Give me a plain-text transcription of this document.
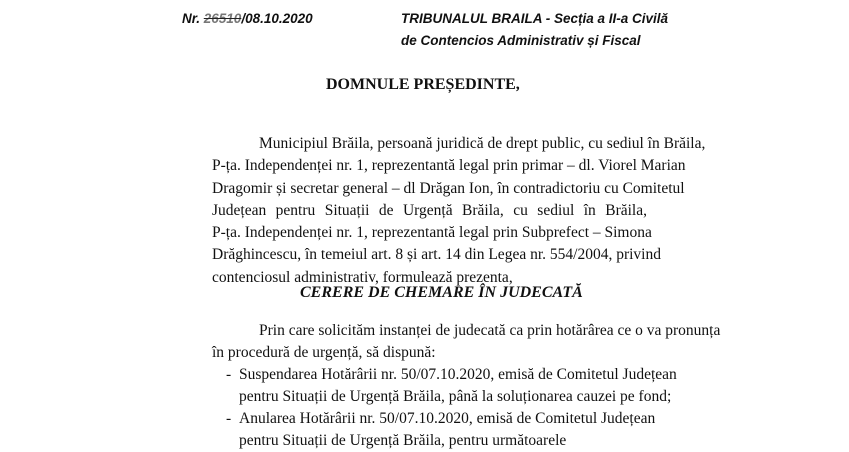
Nr. 26510/08.10.2020	TRIBUNALUL BRAILA - Secția a II-a Civilă
de Contencios Administrativ și Fiscal
DOMNULE PREȘEDINTE,
Municipiul Brăila, persoană juridică de drept public, cu sediul în Brăila,
P-ța. Independenței nr. 1, reprezentantă legal prin primar – dl. Viorel Marian
Dragomir și secretar general – dl Drăgan Ion, în contradictoriu cu Comitetul
Județean pentru Situații de Urgență Brăila, cu sediul în Brăila,
P-ța. Independenței nr. 1, reprezentantă legal prin Subprefect – Simona
Drăghincescu, în temeiul art. 8 și art. 14 din Legea nr. 554/2004, privind
contenciosul administrativ, formulează prezenta,
CERERE DE CHEMARE ÎN JUDECATĂ
Prin care solicităm instanței de judecată ca prin hotărârea ce o va pronunța
în procedură de urgență, să dispună:
- Suspendarea Hotărârii nr. 50/07.10.2020, emisă de Comitetul Județean
pentru Situații de Urgență Brăila, până la soluționarea cauzei pe fond;
- Anularea Hotărârii nr. 50/07.10.2020, emisă de Comitetul Județean
pentru Situații de Urgență Brăila, pentru următoarele
